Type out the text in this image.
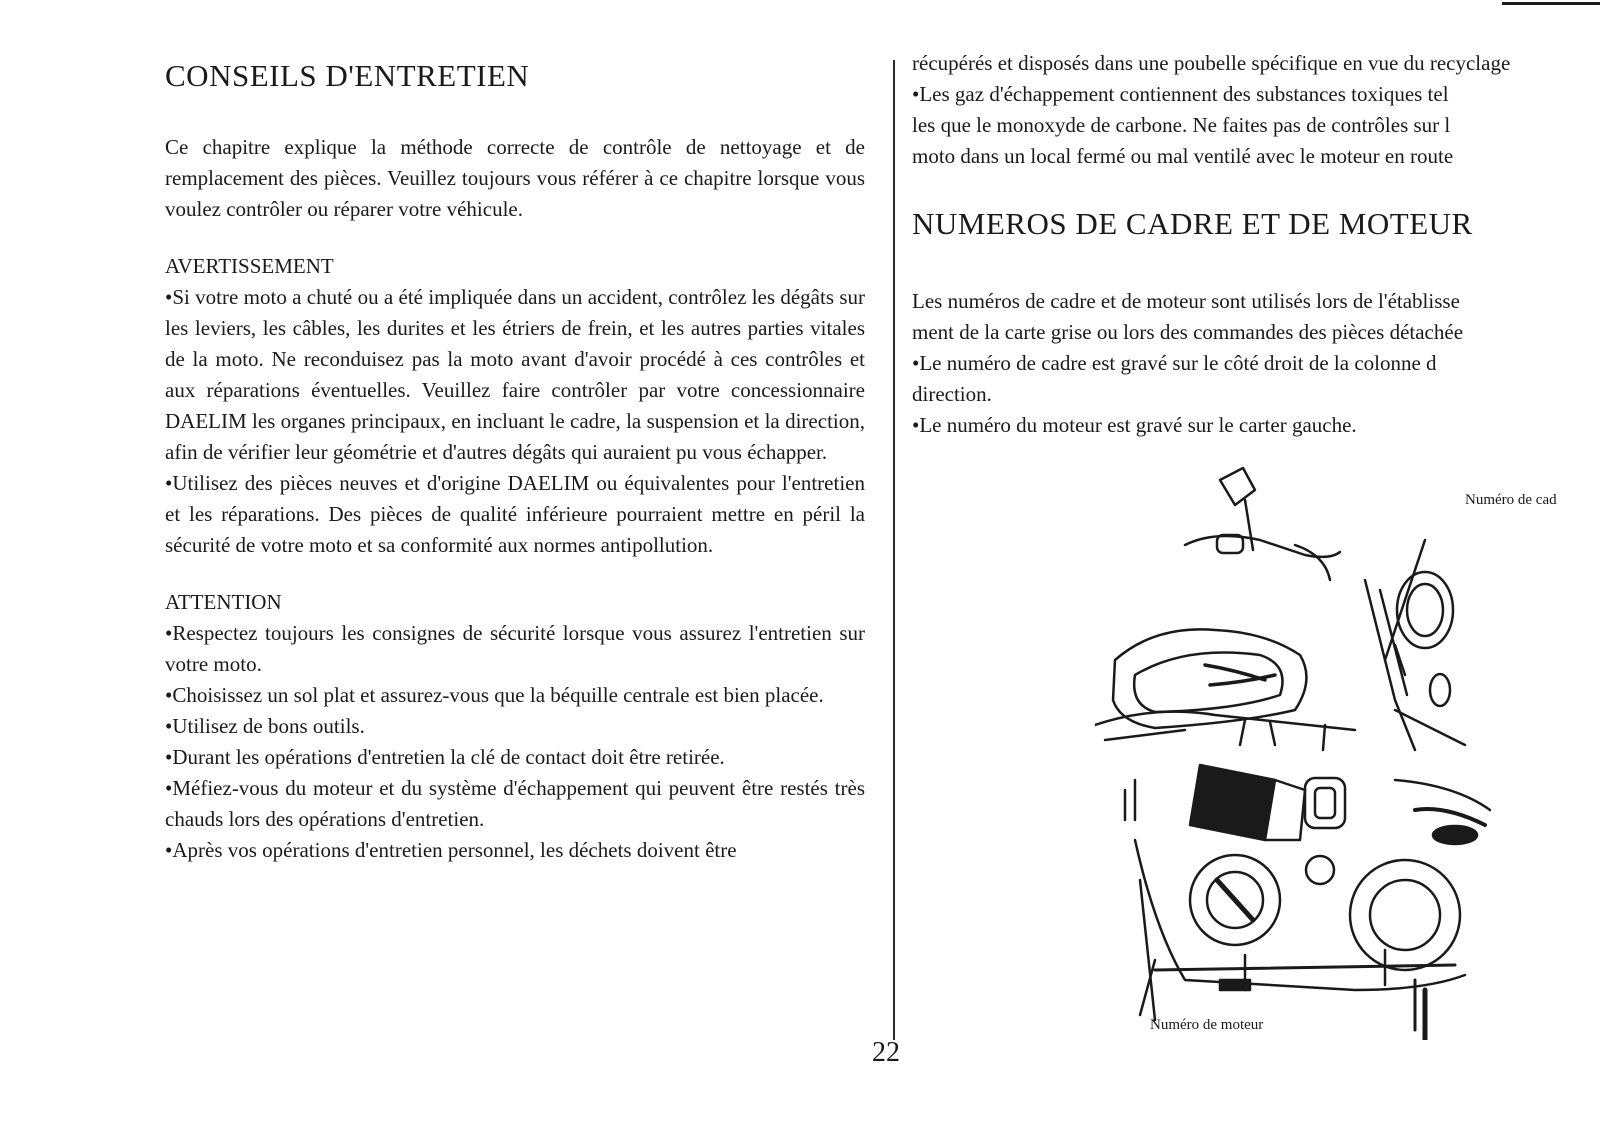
CONSEILS D'ENTRETIEN

Ce chapitre explique la méthode correcte de contrôle de nettoyage et de remplacement des pièces. Veuillez toujours vous référer à ce chapitre lorsque vous voulez contrôler ou réparer votre véhicule.

AVERTISSEMENT

•Si votre moto a chuté ou a été impliquée dans un accident, contrôlez les dégâts sur les leviers, les câbles, les durites et les étriers de frein, et les autres parties vitales de la moto. Ne reconduisez pas la moto avant d'avoir procédé à ces contrôles et aux réparations éventuelles. Veuillez faire contrôler par votre concessionnaire DAELIM les organes principaux, en incluant le cadre, la suspension et la direction, afin de vérifier leur géométrie et d'autres dégâts qui auraient pu vous échapper.

•Utilisez des pièces neuves et d'origine DAELIM ou équivalentes pour l'entretien et les réparations. Des pièces de qualité inférieure pourraient mettre en péril la sécurité de votre moto et sa conformité aux normes antipollution.

ATTENTION

•Respectez toujours les consignes de sécurité lorsque vous assurez l'entretien sur votre moto.

•Choisissez un sol plat et assurez-vous que la béquille centrale est bien placée.

•Utilisez de bons outils.

•Durant les opérations d'entretien la clé de contact doit être retirée.

•Méfiez-vous du moteur et du système d'échappement qui peuvent être restés très chauds lors des opérations d'entretien.

•Après vos opérations d'entretien personnel, les déchets doivent être

récupérés et disposés dans une poubelle spécifique en vue du recyclage

•Les gaz d'échappement contiennent des substances toxiques tel

les que le monoxyde de carbone. Ne faites pas de contrôles sur l

moto dans un local fermé ou mal ventilé avec le moteur en route

NUMEROS DE CADRE ET DE MOTEUR

Les numéros de cadre et de moteur sont utilisés lors de l'établisse

ment de la carte grise ou lors des commandes des pièces détachée

•Le numéro de cadre est gravé sur le côté droit de la colonne d

direction.

•Le numéro du moteur est gravé sur le carter gauche.

Numéro de cad
Numéro de moteur
22
